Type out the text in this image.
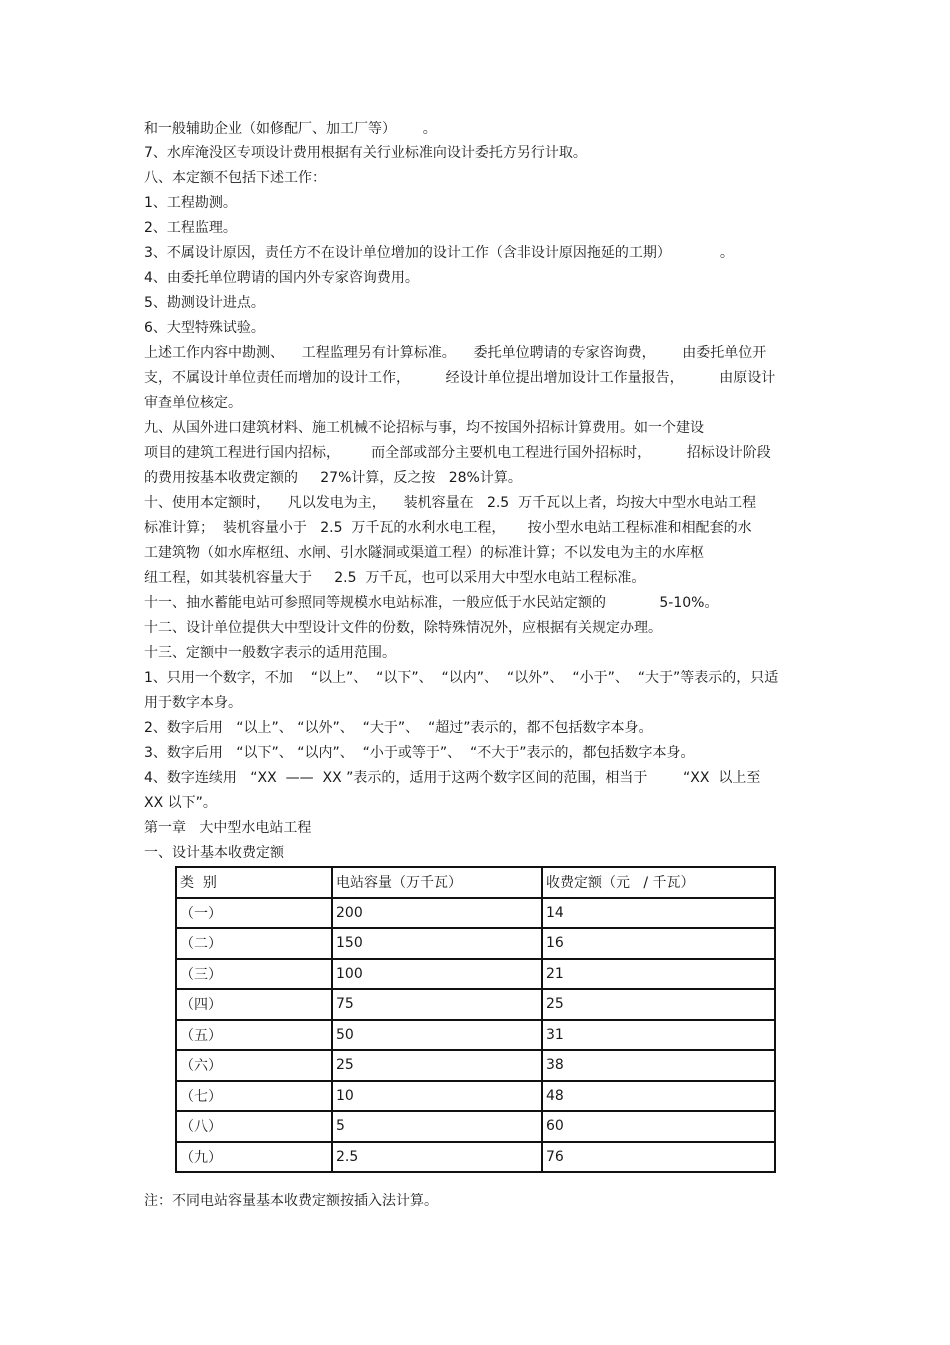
和一般辅助企业（如修配厂、加工厂等）      。
7、水库淹没区专项设计费用根据有关行业标准向设计委托方另行计取。
八、本定额不包括下述工作：
1、工程勘测。
2、工程监理。
3、不属设计原因，责任方不在设计单位增加的设计工作（含非设计原因拖延的工期）           。
4、由委托单位聘请的国内外专家咨询费用。
5、勘测设计进点。
6、大型特殊试验。
上述工作内容中勘测、    工程监理另有计算标准。    委托单位聘请的专家咨询费，      由委托单位开
支，不属设计单位责任而增加的设计工作，        经设计单位提出增加设计工作量报告，        由原设计
审查单位核定。
九、从国外进口建筑材料、施工机械不论招标与事，均不按国外招标计算费用。如一个建设
项目的建筑工程进行国内招标，       而全部或部分主要机电工程进行国外招标时，        招标设计阶段
的费用按基本收费定额的     27%计算，反之按   28%计算。
十、使用本定额时，    凡以发电为主，    装机容量在   2.5  万千瓦以上者，均按大中型水电站工程
标准计算；  装机容量小于   2.5  万千瓦的水利水电工程，     按小型水电站工程标准和相配套的水
工建筑物（如水库枢纽、水闸、引水隧洞或渠道工程）的标准计算；不以发电为主的水库枢
纽工程，如其装机容量大于     2.5  万千瓦，也可以采用大中型水电站工程标准。
十一、抽水蓄能电站可参照同等规模水电站标准，一般应低于水民站定额的            5-10%。
十二、设计单位提供大中型设计文件的份数，除特殊情况外，应根据有关规定办理。
十三、定额中一般数字表示的适用范围。
1、只用一个数字，不加    “以上”、  “以下”、  “以内”、  “以外”、  “小于”、  “大于”等表示的，只适
用于数字本身。
2、数字后用   “以上”、 “以外”、  “大于”、  “超过”表示的，都不包括数字本身。
3、数字后用   “以下”、 “以内”、  “小于或等于”、  “不大于”表示的，都包括数字本身。
4、数字连续用   “XX  ——  XX ”表示的，适用于这两个数字区间的范围，相当于        “XX  以上至
XX 以下”。
第一章   大中型水电站工程
一、设计基本收费定额
类  别	电站容量（万千瓦）	收费定额（元   / 千瓦）
（一）	200	14
（二）	150	16
（三）	100	21
（四）	75	25
（五）	50	31
（六）	25	38
（七）	10	48
（八）	5	60
（九）	2.5	76
注：不同电站容量基本收费定额按插入法计算。
